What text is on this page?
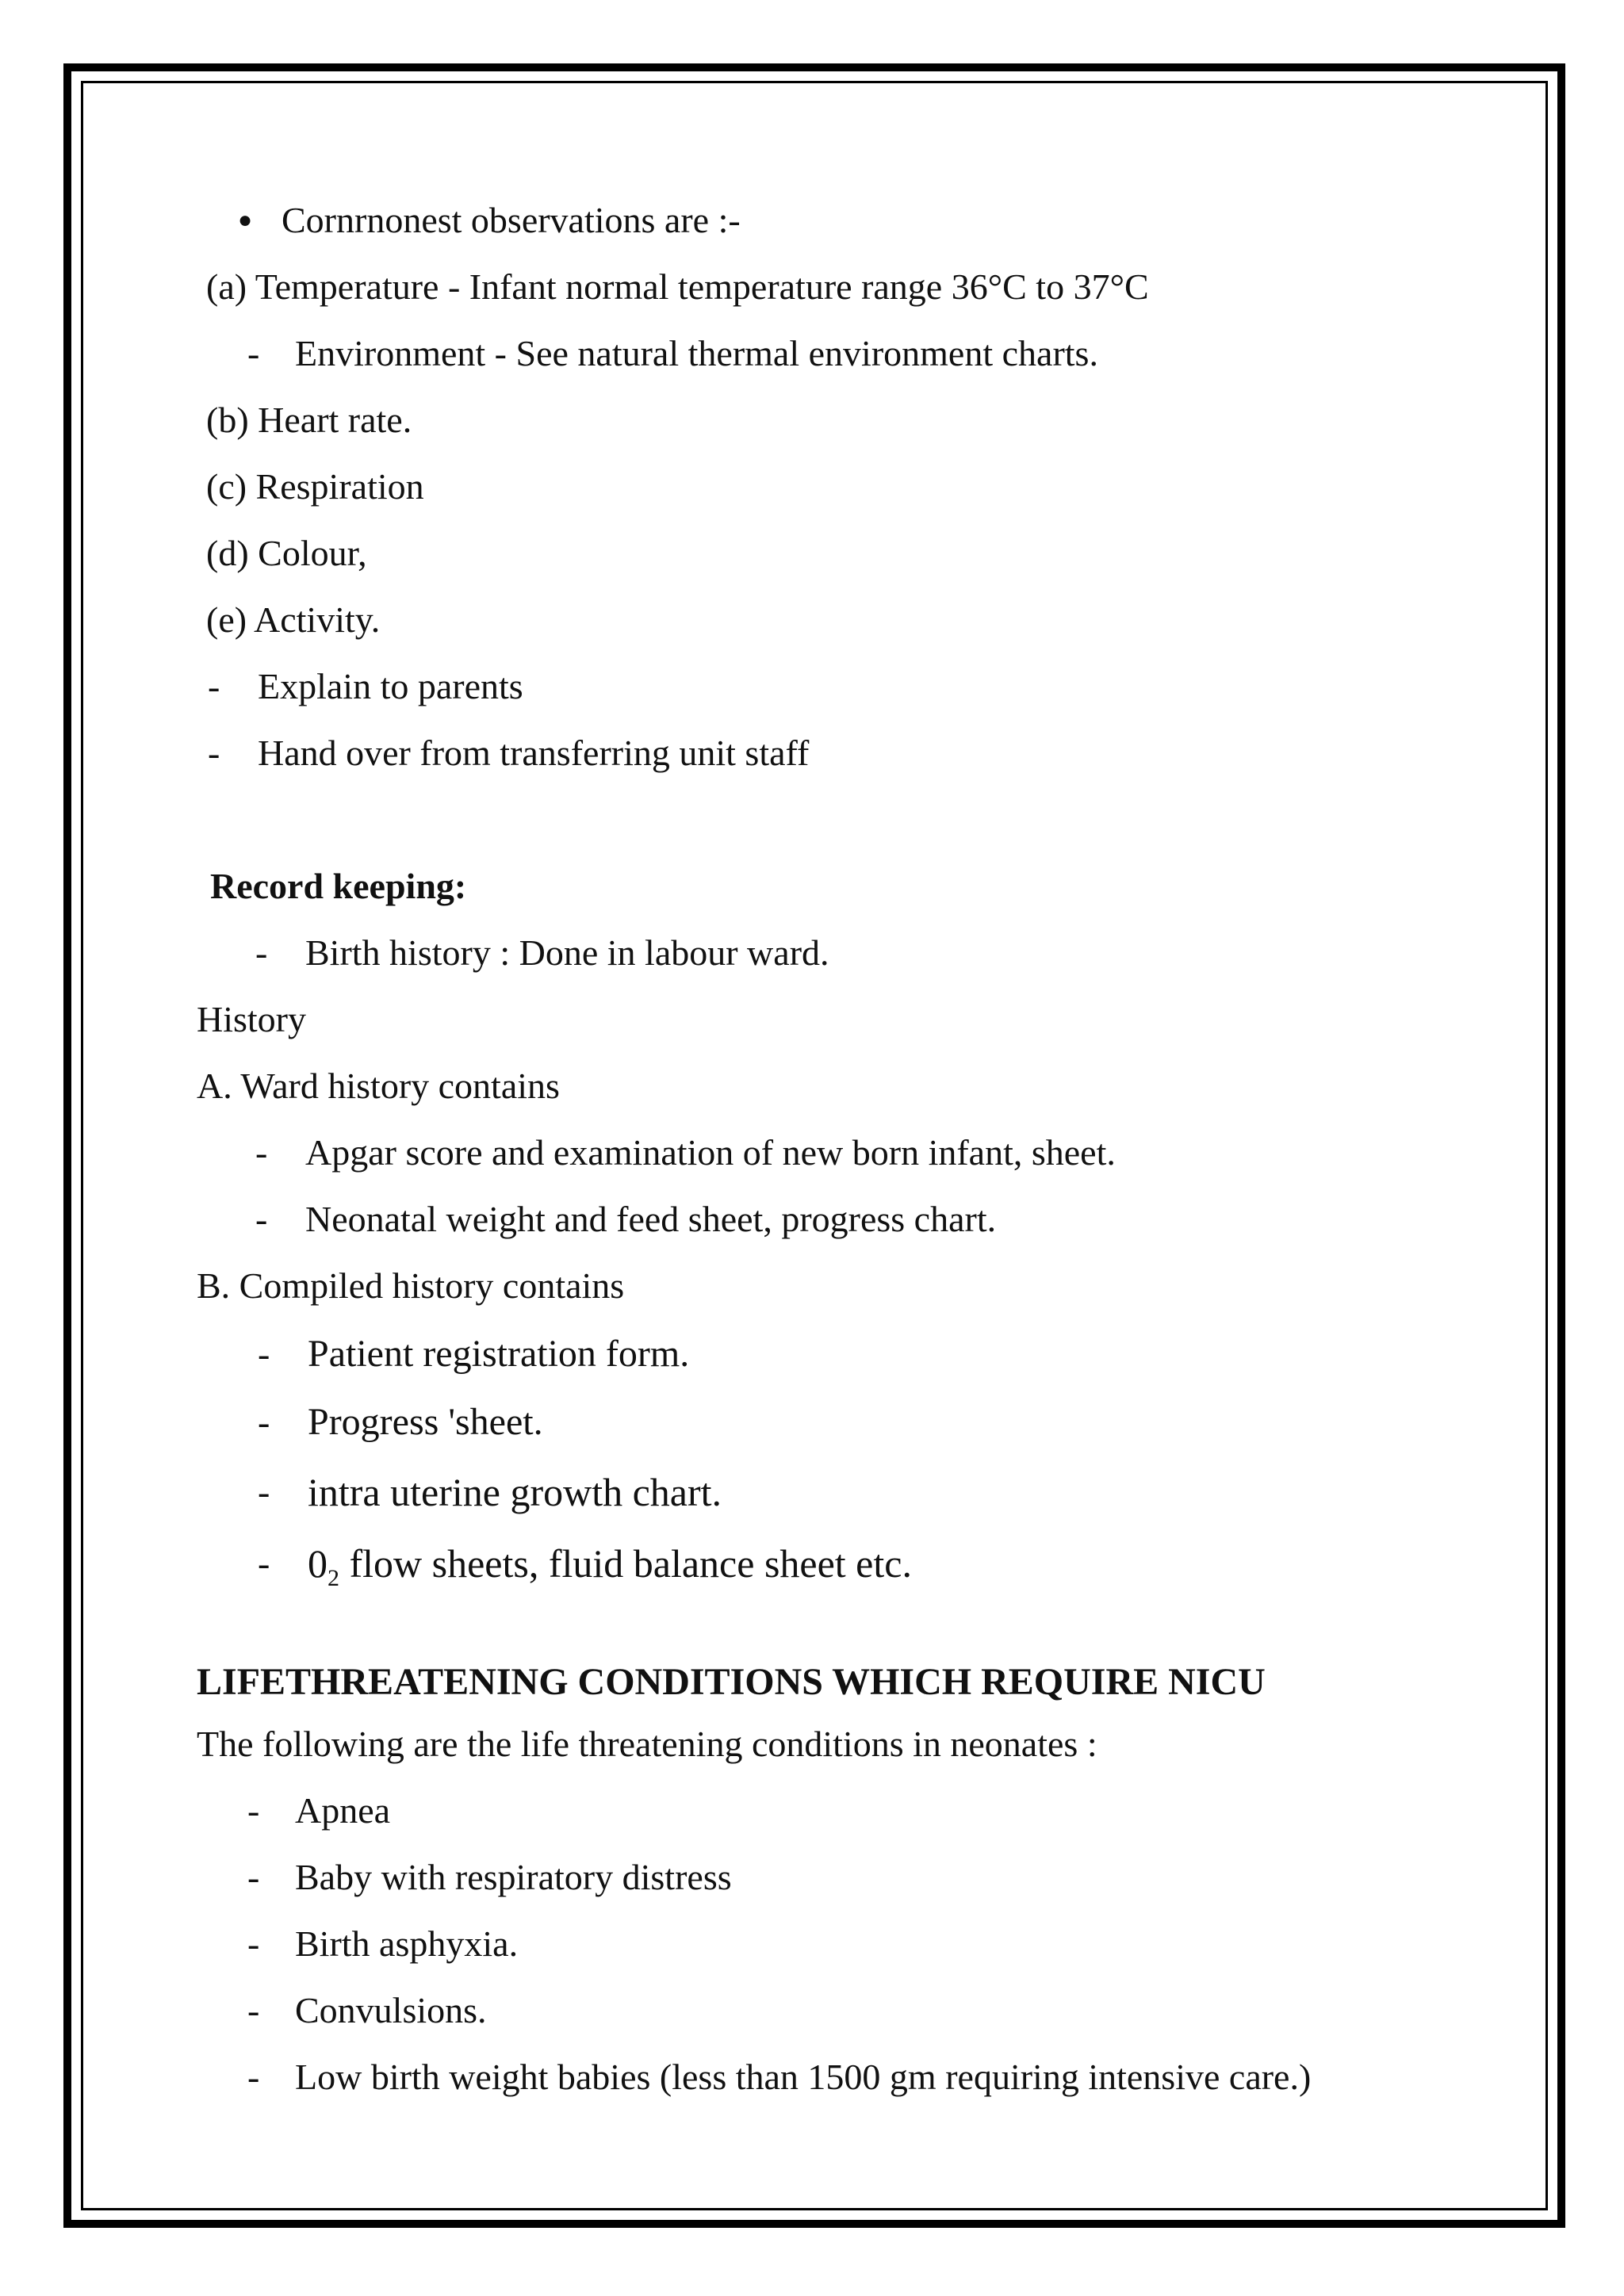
● Cornrnonest observations are :-
(a) Temperature - Infant normal temperature range 36°C to 37°C
- Environment - See natural thermal environment charts.
(b) Heart rate.
(c) Respiration
(d) Colour,
(e) Activity.
- Explain to parents
- Hand over from transferring unit staff
Record keeping:
- Birth history : Done in labour ward.
History
A. Ward history contains
- Apgar score and examination of new born infant, sheet.
- Neonatal weight and feed sheet, progress chart.
B. Compiled history contains
- Patient registration form.
- Progress 'sheet.
- intra uterine growth chart.
- $0_2$ flow sheets, fluid balance sheet etc.
LIFETHREATENING CONDITIONS WHICH REQUIRE NICU
The following are the life threatening conditions in neonates :
- Apnea
- Baby with respiratory distress
- Birth asphyxia.
- Convulsions.
- Low birth weight babies (less than 1500 gm requiring intensive care.)
